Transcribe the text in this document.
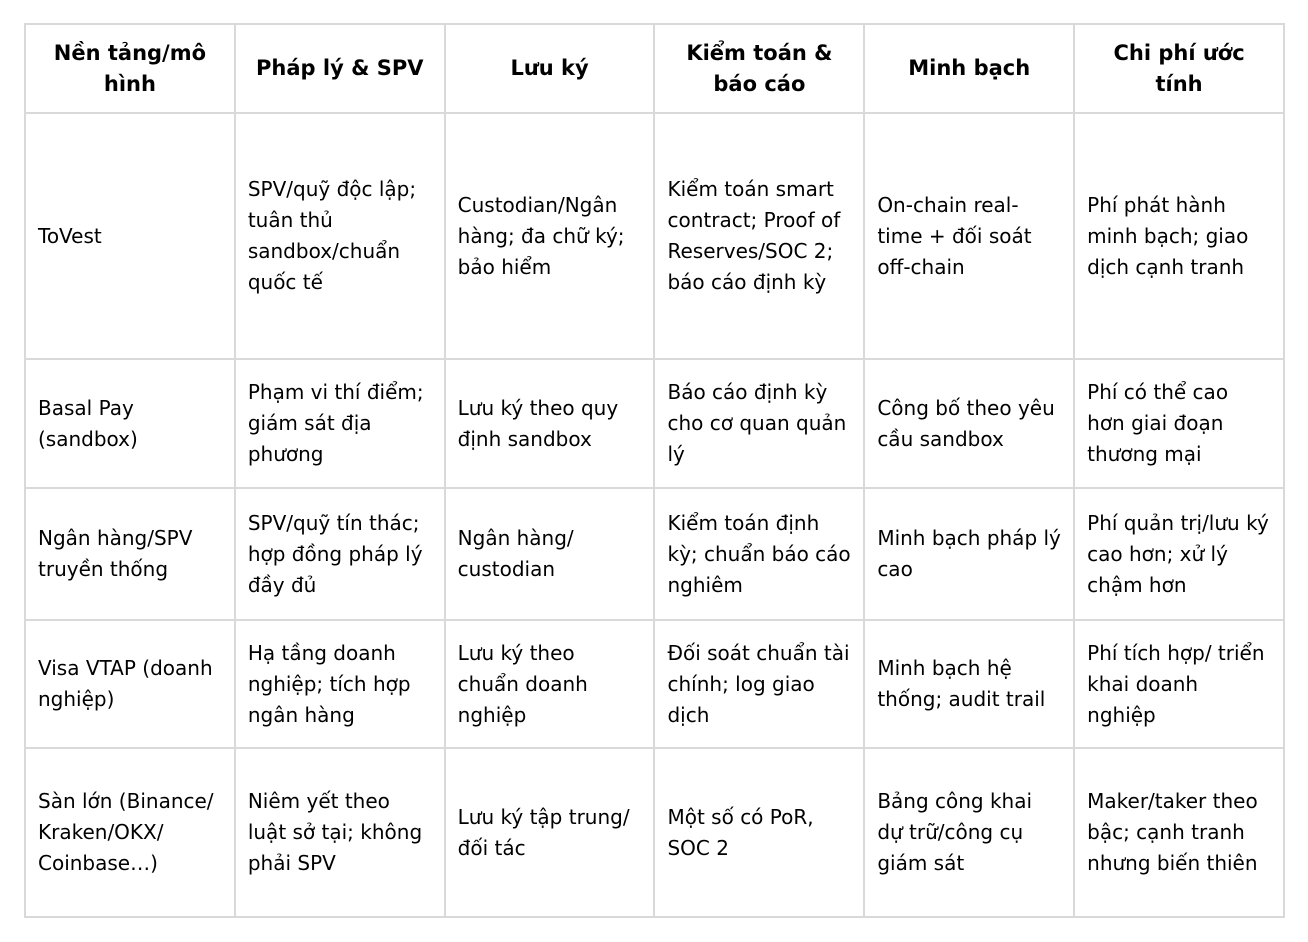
Nền tảng/mô hình	Pháp lý & SPV	Lưu ký	Kiểm toán & báo cáo	Minh bạch	Chi phí ước tính
ToVest	SPV/quỹ độc lập; tuân thủ sandbox/chuẩn quốc tế	Custodian/Ngân hàng; đa chữ ký; bảo hiểm	Kiểm toán smart contract; Proof of Reserves/SOC 2; báo cáo định kỳ	On-chain real-time + đối soát off-chain	Phí phát hành minh bạch; giao dịch cạnh tranh
Basal Pay (sandbox)	Phạm vi thí điểm; giám sát địa phương	Lưu ký theo quy định sandbox	Báo cáo định kỳ cho cơ quan quản lý	Công bố theo yêu cầu sandbox	Phí có thể cao hơn giai đoạn thương mại
Ngân hàng/SPV truyền thống	SPV/quỹ tín thác; hợp đồng pháp lý đầy đủ	Ngân hàng/ custodian	Kiểm toán định kỳ; chuẩn báo cáo nghiêm	Minh bạch pháp lý cao	Phí quản trị/lưu ký cao hơn; xử lý chậm hơn
Visa VTAP (doanh nghiệp)	Hạ tầng doanh nghiệp; tích hợp ngân hàng	Lưu ký theo chuẩn doanh nghiệp	Đối soát chuẩn tài chính; log giao dịch	Minh bạch hệ thống; audit trail	Phí tích hợp/ triển khai doanh nghiệp
Sàn lớn (Binance/ Kraken/OKX/ Coinbase…)	Niêm yết theo luật sở tại; không phải SPV	Lưu ký tập trung/đối tác	Một số có PoR, SOC 2	Bảng công khai dự trữ/công cụ giám sát	Maker/taker theo bậc; cạnh tranh nhưng biến thiên
